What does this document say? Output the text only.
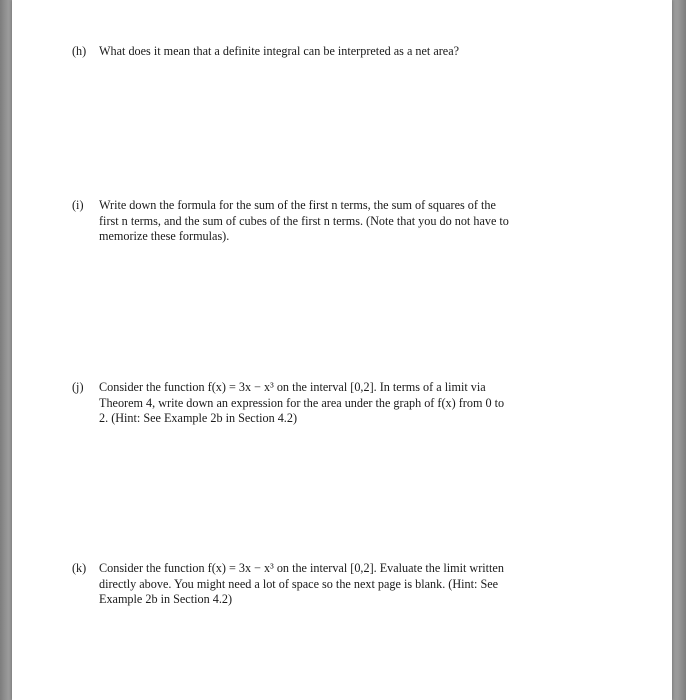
(h)	What does it mean that a definite integral can be interpreted as a net area?
(i)	Write down the formula for the sum of the first n terms, the sum of squares of the
first n terms, and the sum of cubes of the first n terms. (Note that you do not have to
memorize these formulas).
(j)	Consider the function f(x) = 3x − x³ on the interval [0,2]. In terms of a limit via
Theorem 4, write down an expression for the area under the graph of f(x) from 0 to
2. (Hint: See Example 2b in Section 4.2)
(k)	Consider the function f(x) = 3x − x³ on the interval [0,2]. Evaluate the limit written
directly above. You might need a lot of space so the next page is blank. (Hint: See
Example 2b in Section 4.2)
